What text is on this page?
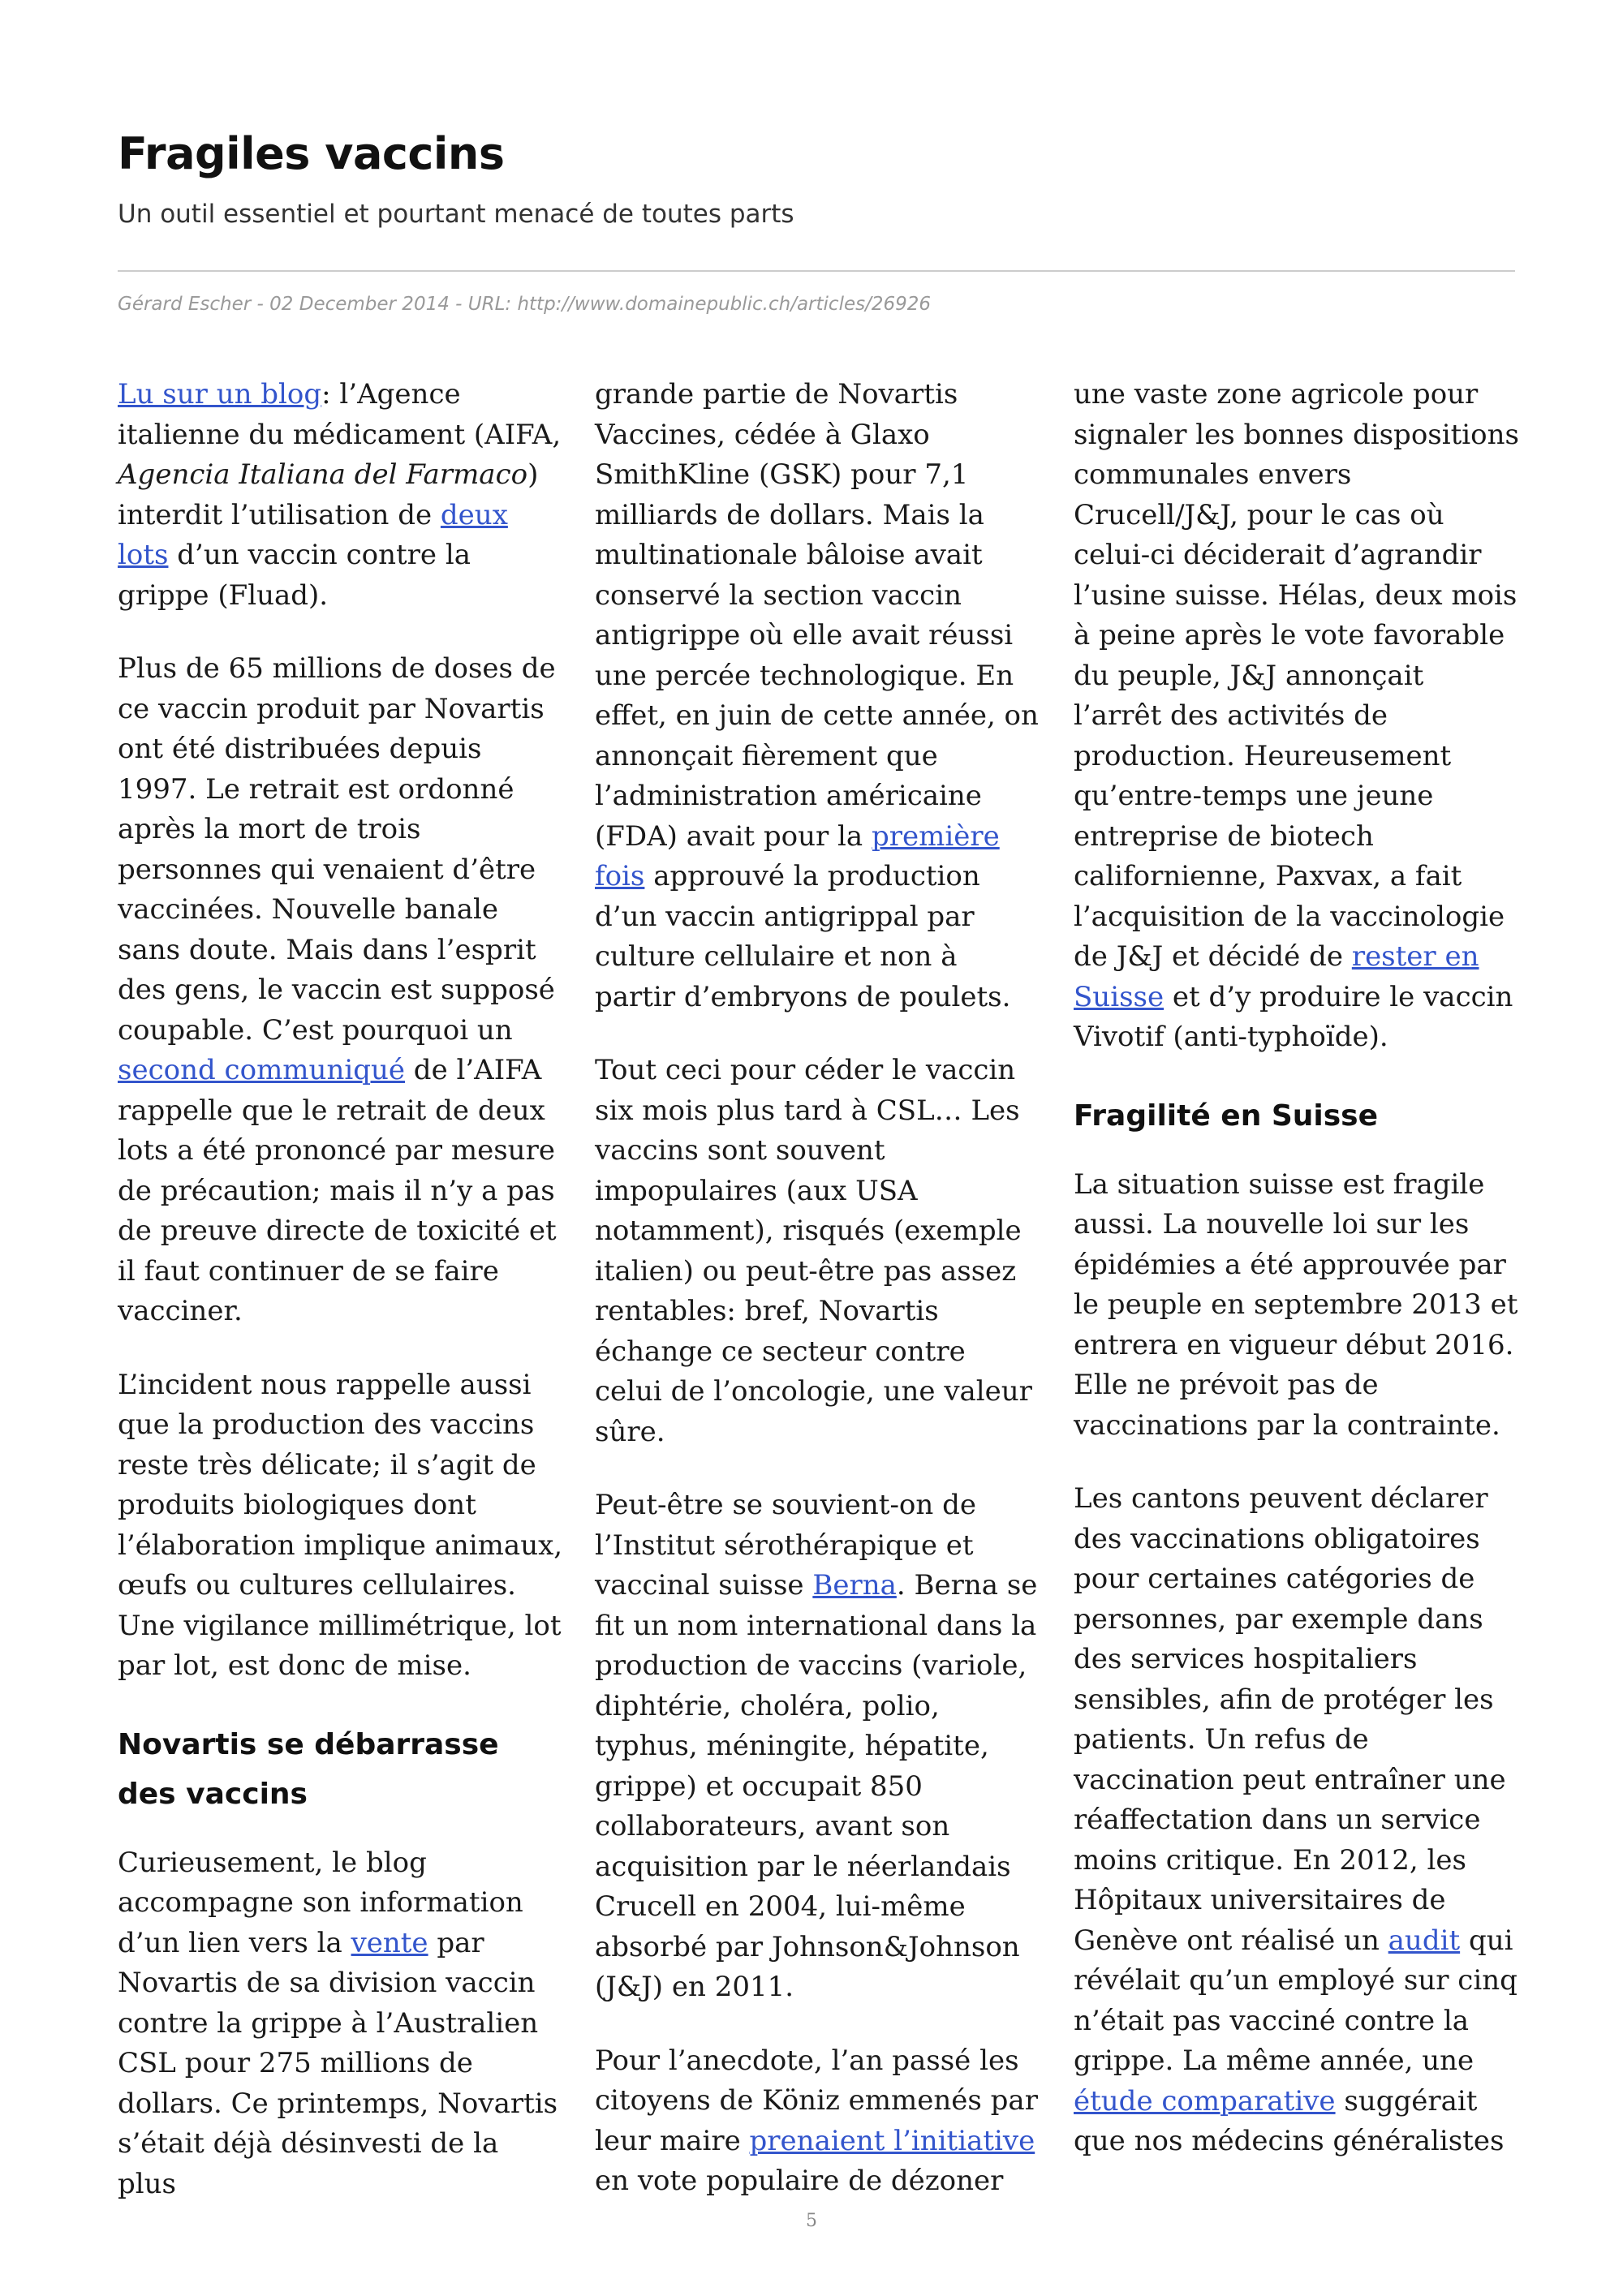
Fragiles vaccins

Un outil essentiel et pourtant menacé de toutes parts

Gérard Escher - 02 December 2014 - URL: http://www.domainepublic.ch/articles/26926

Lu sur un blog: l’Agence italienne du médicament (AIFA, Agencia Italiana del Farmaco) interdit l’utilisation de deux lots d’un vaccin contre la grippe (Fluad).

Plus de 65 millions de doses de ce vaccin produit par Novartis ont été distribuées depuis 1997. Le retrait est ordonné après la mort de trois personnes qui venaient d’être vaccinées. Nouvelle banale sans doute. Mais dans l’esprit des gens, le vaccin est supposé coupable. C’est pourquoi un second communiqué de l’AIFA rappelle que le retrait de deux lots a été prononcé par mesure de précaution; mais il n’y a pas de preuve directe de toxicité et il faut continuer de se faire vacciner.

L’incident nous rappelle aussi que la production des vaccins reste très délicate; il s’agit de produits biologiques dont l’élaboration implique animaux, œufs ou cultures cellulaires. Une vigilance millimétrique, lot par lot, est donc de mise.

Novartis se débarrasse des vaccins

Curieusement, le blog accompagne son information d’un lien vers la vente par Novartis de sa division vaccin contre la grippe à l’Australien CSL pour 275 millions de dollars. Ce printemps, Novartis s’était déjà désinvesti de la plus

grande partie de Novartis Vaccines, cédée à Glaxo SmithKline (GSK) pour 7,1 milliards de dollars. Mais la multinationale bâloise avait conservé la section vaccin antigrippe où elle avait réussi une percée technologique. En effet, en juin de cette année, on annonçait fièrement que l’administration américaine (FDA) avait pour la première fois approuvé la production d’un vaccin antigrippal par culture cellulaire et non à partir d’embryons de poulets.

Tout ceci pour céder le vaccin six mois plus tard à CSL… Les vaccins sont souvent impopulaires (aux USA notamment), risqués (exemple italien) ou peut-être pas assez rentables: bref, Novartis échange ce secteur contre celui de l’oncologie, une valeur sûre.

Peut-être se souvient-on de l’Institut sérothérapique et vaccinal suisse Berna. Berna se fit un nom international dans la production de vaccins (variole, diphtérie, choléra, polio, typhus, méningite, hépatite, grippe) et occupait 850 collaborateurs, avant son acquisition par le néerlandais Crucell en 2004, lui-même absorbé par Johnson&Johnson (J&J) en 2011.

Pour l’anecdote, l’an passé les citoyens de Köniz emmenés par leur maire prenaient l’initiative en vote populaire de dézoner

une vaste zone agricole pour signaler les bonnes dispositions communales envers Crucell/J&J, pour le cas où celui-ci déciderait d’agrandir l’usine suisse. Hélas, deux mois à peine après le vote favorable du peuple, J&J annonçait l’arrêt des activités de production. Heureusement qu’entre-temps une jeune entreprise de biotech californienne, Paxvax, a fait l’acquisition de la vaccinologie de J&J et décidé de rester en Suisse et d’y produire le vaccin Vivotif (anti-typhoïde).

Fragilité en Suisse

La situation suisse est fragile aussi. La nouvelle loi sur les épidémies a été approuvée par le peuple en septembre 2013 et entrera en vigueur début 2016. Elle ne prévoit pas de vaccinations par la contrainte.

Les cantons peuvent déclarer des vaccinations obligatoires pour certaines catégories de personnes, par exemple dans des services hospitaliers sensibles, afin de protéger les patients. Un refus de vaccination peut entraîner une réaffectation dans un service moins critique. En 2012, les Hôpitaux universitaires de Genève ont réalisé un audit qui révélait qu’un employé sur cinq n’était pas vacciné contre la grippe. La même année, une étude comparative suggérait que nos médecins généralistes

5
